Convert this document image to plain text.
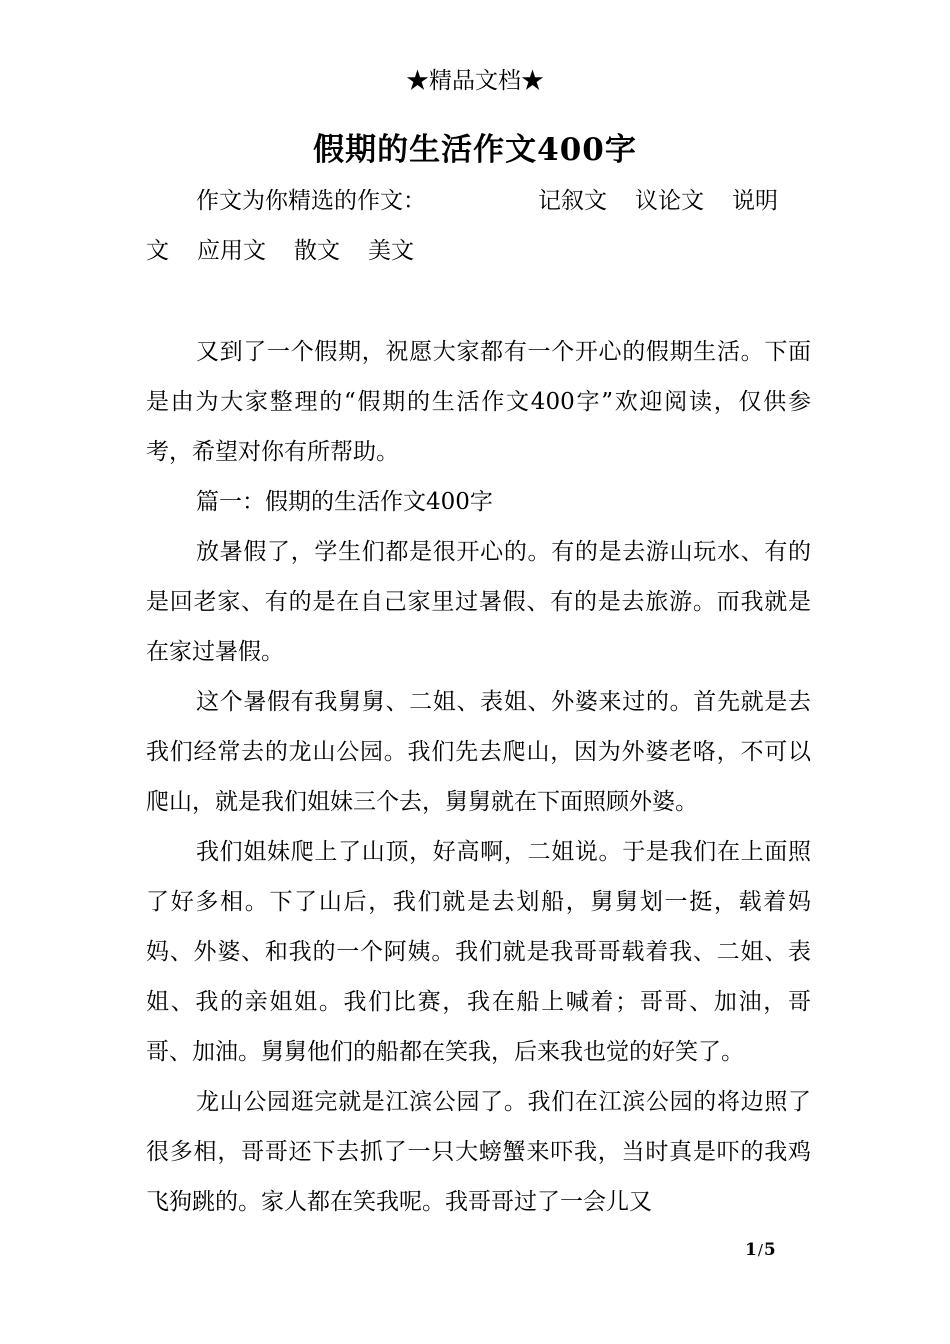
★精品文档★
假期的生活作文400字
作文为你精选的作文：	记叙文 议论文 说明
文 应用文 散文 美文

又到了一个假期，祝愿大家都有一个开心的假期生活。下面是由为大家整理的“假期的生活作文400字”欢迎阅读，仅供参考，希望对你有所帮助。

篇一：假期的生活作文400字

放暑假了，学生们都是很开心的。有的是去游山玩水、有的是回老家、有的是在自己家里过暑假、有的是去旅游。而我就是在家过暑假。

这个暑假有我舅舅、二姐、表姐、外婆来过的。首先就是去我们经常去的龙山公园。我们先去爬山，因为外婆老咯，不可以爬山，就是我们姐妹三个去，舅舅就在下面照顾外婆。

我们姐妹爬上了山顶，好高啊，二姐说。于是我们在上面照了好多相。下了山后，我们就是去划船，舅舅划一挺，载着妈妈、外婆、和我的一个阿姨。我们就是我哥哥载着我、二姐、表姐、我的亲姐姐。我们比赛，我在船上喊着；哥哥、加油，哥哥、加油。舅舅他们的船都在笑我，后来我也觉的好笑了。

龙山公园逛完就是江滨公园了。我们在江滨公园的将边照了很多相，哥哥还下去抓了一只大螃蟹来吓我，当时真是吓的我鸡飞狗跳的。家人都在笑我呢。我哥哥过了一会儿又

1/5
